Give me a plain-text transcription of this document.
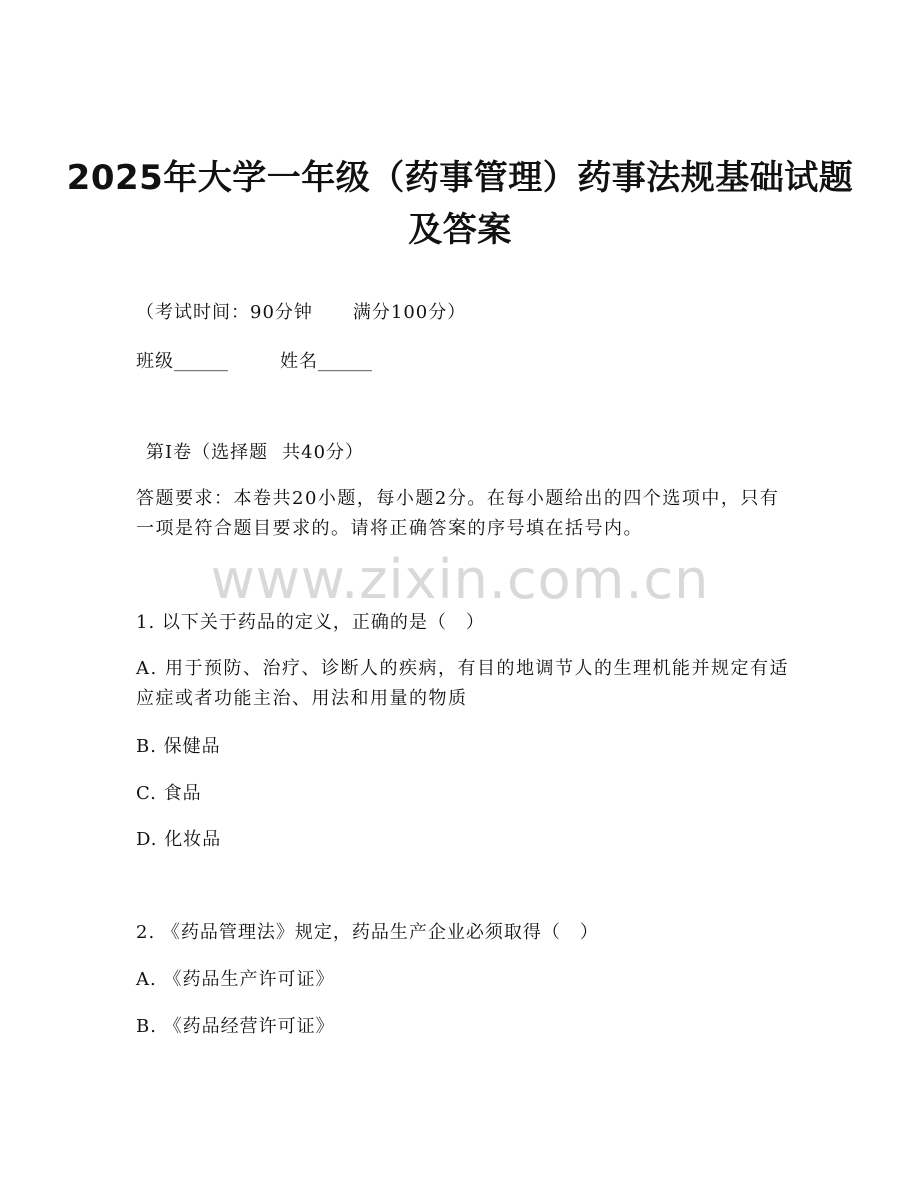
2025年大学一年级（药事管理）药事法规基础试题及答案
（考试时间：90分钟 满分100分）
班级______	姓名______
第Ⅰ卷（选择题 共40分）
答题要求：本卷共20小题，每小题2分。在每小题给出的四个选项中，只有一项是符合题目要求的。请将正确答案的序号填在括号内。
1. 以下关于药品的定义，正确的是（　）
A. 用于预防、治疗、诊断人的疾病，有目的地调节人的生理机能并规定有适应症或者功能主治、用法和用量的物质
B. 保健品
C. 食品
D. 化妆品
2. 《药品管理法》规定，药品生产企业必须取得（　）
A. 《药品生产许可证》
B. 《药品经营许可证》
www.zixin.com.cn
